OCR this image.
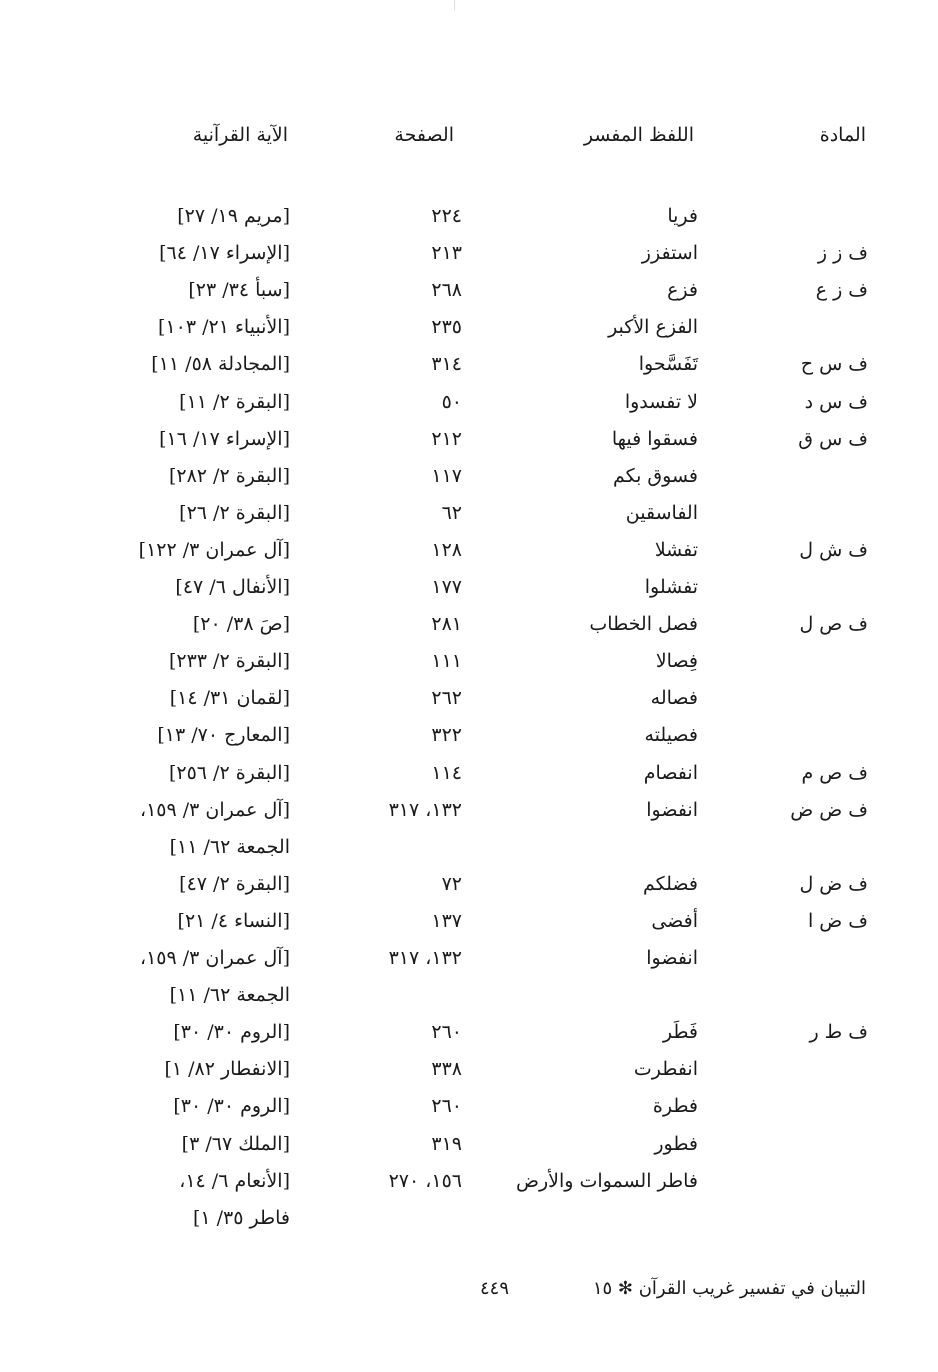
المادة
اللفظ المفسر
الصفحة
الآية القرآنية
فريا
٢٢٤
[مريم ١٩/ ٢٧]
ف ز ز
استفزز
٢١٣
[الإسراء ١٧/ ٦٤]
ف ز ع
فزع
٢٦٨
[سبأ ٣٤/ ٢٣]
الفزع الأكبر
٢٣٥
[الأنبياء ٢١/ ١٠٣]
ف س ح
تَفَسَّحوا
٣١٤
[المجادلة ٥٨/ ١١]
ف س د
لا تفسدوا
٥٠
[البقرة ٢/ ١١]
ف س ق
فسقوا فيها
٢١٢
[الإسراء ١٧/ ١٦]
فسوق بكم
١١٧
[البقرة ٢/ ٢٨٢]
الفاسقين
٦٢
[البقرة ٢/ ٢٦]
ف ش ل
تفشلا
١٢٨
[آل عمران ٣/ ١٢٢]
تفشلوا
١٧٧
[الأنفال ٦/ ٤٧]
ف ص ل
فصل الخطاب
٢٨١
[صَ ٣٨/ ٢٠]
فِصالا
١١١
[البقرة ٢/ ٢٣٣]
فصاله
٢٦٢
[لقمان ٣١/ ١٤]
فصيلته
٣٢٢
[المعارج ٧٠/ ١٣]
ف ص م
انفصام
١١٤
[البقرة ٢/ ٢٥٦]
ف ض ض
انفضوا
١٣٢، ٣١٧
[آل عمران ٣/ ١٥٩،
الجمعة ٦٢/ ١١]
ف ض ل
فضلكم
٧٢
[البقرة ٢/ ٤٧]
ف ض ا
أفضى
١٣٧
[النساء ٤/ ٢١]
انفضوا
١٣٢، ٣١٧
[آل عمران ٣/ ١٥٩،
الجمعة ٦٢/ ١١]
ف ط ر
فَطَر
٢٦٠
[الروم ٣٠/ ٣٠]
انفطرت
٣٣٨
[الانفطار ٨٢/ ١]
فطرة
٢٦٠
[الروم ٣٠/ ٣٠]
فطور
٣١٩
[الملك ٦٧/ ٣]
فاطر السموات والأرض
١٥٦، ٢٧٠
[الأنعام ٦/ ١٤،
فاطر ٣٥/ ١]
التبيان في تفسير غريب القرآن ✻ ١٥
٤٤٩
